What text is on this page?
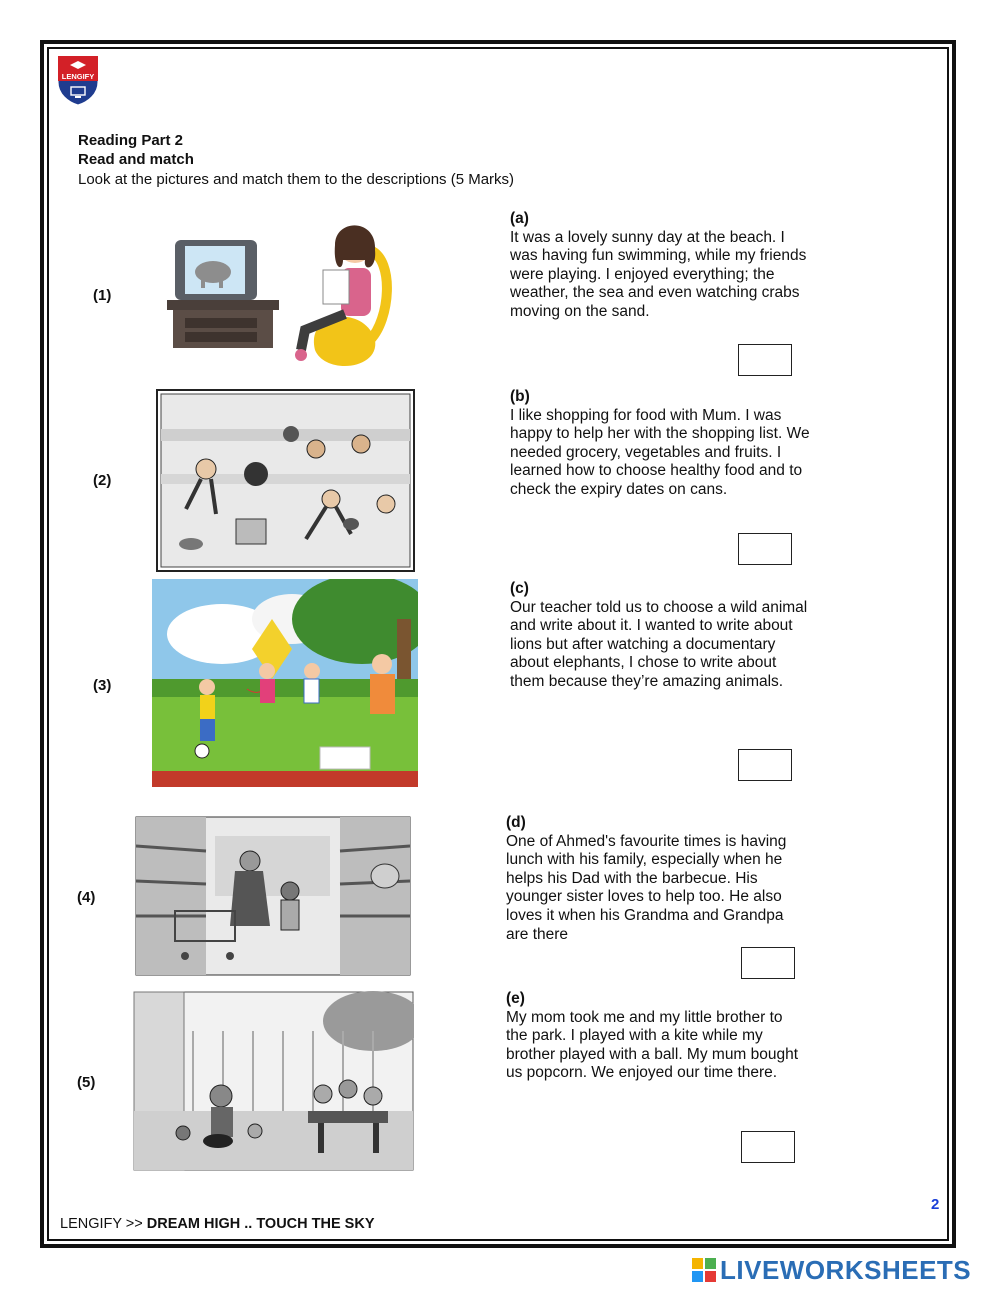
LENGIFY
Reading Part 2
Read and match
Look at the pictures and match them to the descriptions (5 Marks)
(1)
(2)
(3)
(4)
(5)
(a)
It was a lovely sunny day at the beach. I was having fun swimming, while my friends were playing. I enjoyed everything; the weather, the sea and even watching crabs moving on the sand.
(b)
I like shopping for food with Mum. I was happy to help her with the shopping list. We needed grocery, vegetables and fruits. I learned how to choose healthy food and to check the expiry dates on cans.
(c)
Our teacher told us to choose a wild animal and write about it. I wanted to write about lions but after watching a documentary about elephants, I chose to write about them because they’re amazing animals.
(d)
One of Ahmed's favourite times is having lunch with his family, especially when he helps his Dad with the barbecue. His younger sister loves to help too. He also loves it when his Grandma and Grandpa are there
(e)
My mom took me and my little brother to the park. I played with a kite while my brother played with a ball. My mum bought us popcorn. We enjoyed our time there.
2
LENGIFY >> DREAM HIGH .. TOUCH THE SKY
LIVEWORKSHEETS
